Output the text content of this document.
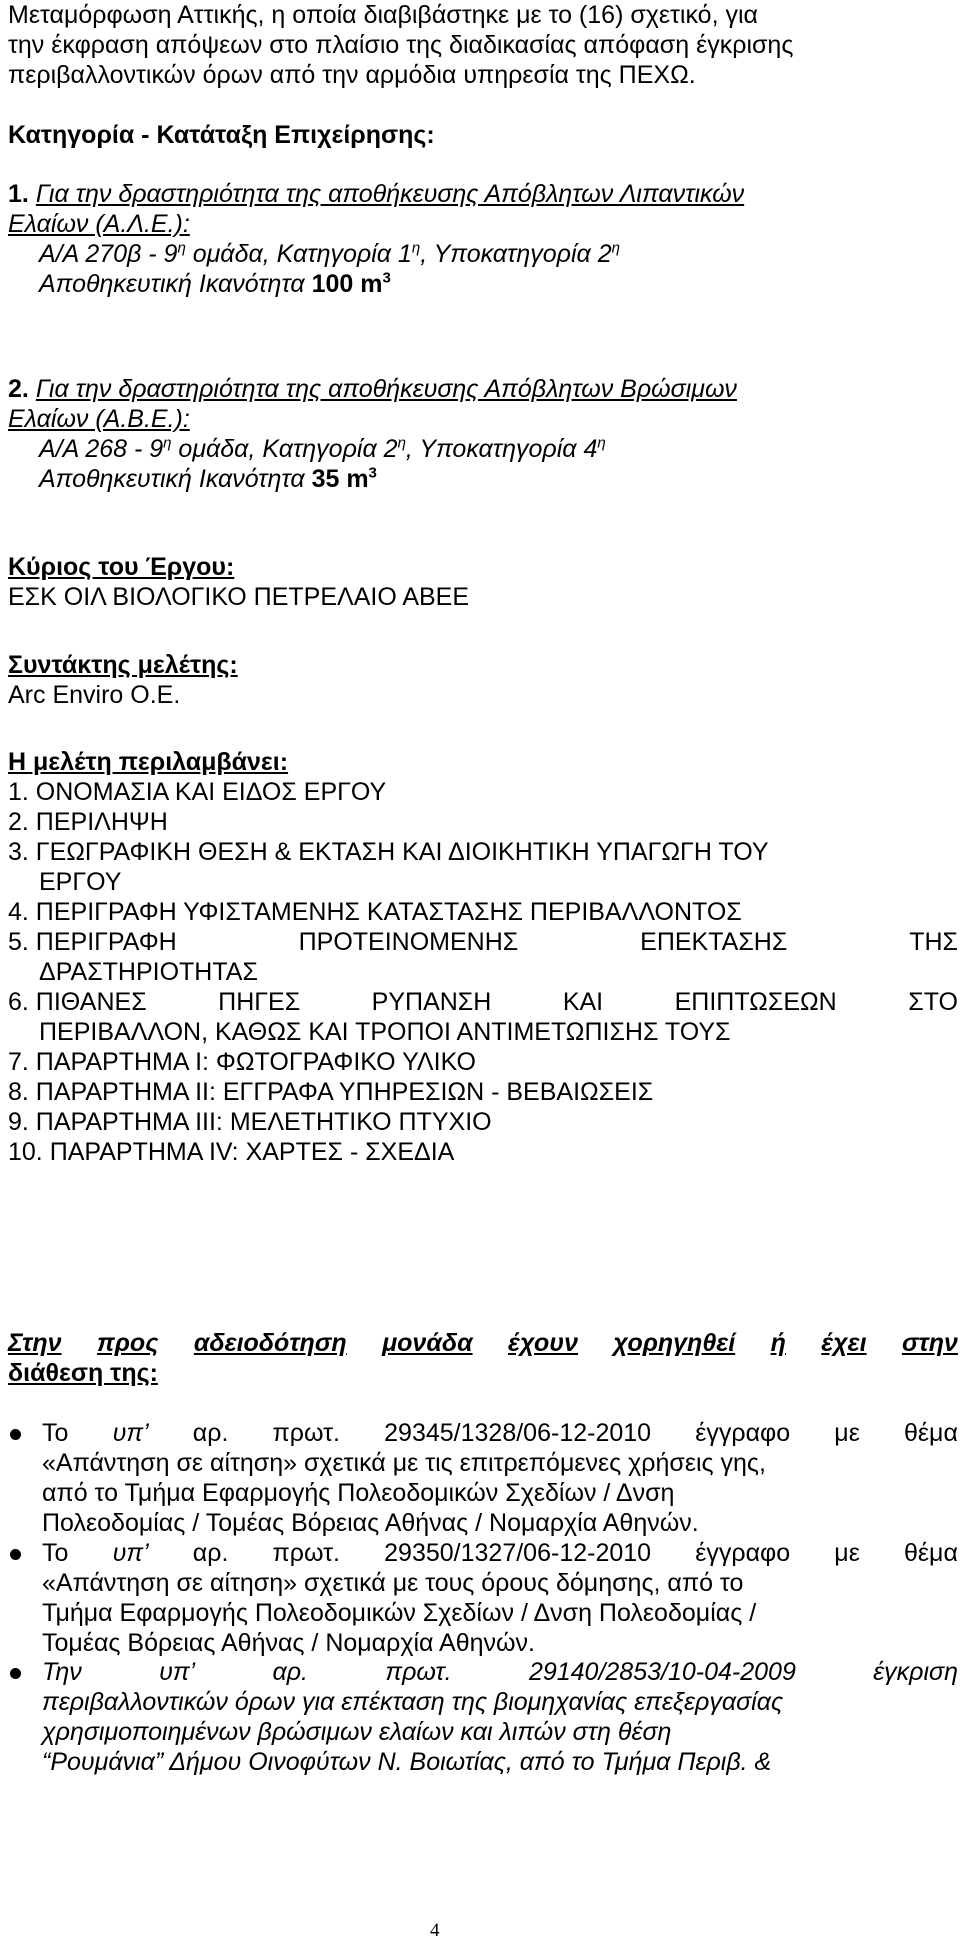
Μεταμόρφωση Αττικής, η οποία διαβιβάστηκε με το (16) σχετικό, για
την έκφραση απόψεων στο πλαίσιο της διαδικασίας απόφαση έγκρισης
περιβαλλοντικών όρων από την αρμόδια υπηρεσία της ΠΕΧΩ.
Κατηγορία - Κατάταξη Επιχείρησης:
1. Για την δραστηριότητα της αποθήκευσης Απόβλητων Λιπαντικών
Ελαίων (Α.Λ.Ε.):
Α/Α $270\beta - 9^\eta$ ομάδα, Κατηγορία $1^\eta$, Υποκατηγορία $2^\eta$
Αποθηκευτική Ικανότητα 100 $m^3$
2. Για την δραστηριότητα της αποθήκευσης Απόβλητων Βρώσιμων
Ελαίων (Α.Β.Ε.):
Α/Α $268 - 9^\eta$ ομάδα, Κατηγορία $2^\eta$, Υποκατηγορία $4^\eta$
Αποθηκευτική Ικανότητα 35 $m^3$
Κύριος του Έργου:
ΕΣΚ ΟΙΛ ΒΙΟΛΟΓΙΚΟ ΠΕΤΡΕΛΑΙΟ ΑΒΕΕ
Συντάκτης μελέτης:
Arc Enviro O.E.
Η μελέτη περιλαμβάνει:
1. ΟΝΟΜΑΣΙΑ ΚΑΙ ΕΙΔΟΣ ΕΡΓΟΥ
2. ΠΕΡΙΛΗΨΗ
3. ΓΕΩΓΡΑΦΙΚΗ ΘΕΣΗ & ΕΚΤΑΣΗ ΚΑΙ ΔΙΟΙΚΗΤΙΚΗ ΥΠΑΓΩΓΗ ΤΟΥ
ΕΡΓΟΥ
4. ΠΕΡΙΓΡΑΦΗ ΥΦΙΣΤΑΜΕΝΗΣ ΚΑΤΑΣΤΑΣΗΣ ΠΕΡΙΒΑΛΛΟΝΤΟΣ
5. ΠΕΡΙΓΡΑΦΗ	ΠΡΟΤΕΙΝΟΜΕΝΗΣ	ΕΠΕΚΤΑΣΗΣ	ΤΗΣ
ΔΡΑΣΤΗΡΙΟΤΗΤΑΣ
6. ΠΙΘΑΝΕΣ	ΠΗΓΕΣ	ΡΥΠΑΝΣΗ	ΚΑΙ	ΕΠΙΠΤΩΣΕΩΝ	ΣΤΟ
ΠΕΡΙΒΑΛΛΟΝ, ΚΑΘΩΣ ΚΑΙ ΤΡΟΠΟΙ ΑΝΤΙΜΕΤΩΠΙΣΗΣ ΤΟΥΣ
7. ΠΑΡΑΡΤΗΜΑ Ι: ΦΩΤΟΓΡΑΦΙΚΟ ΥΛΙΚΟ
8. ΠΑΡΑΡΤΗΜΑ ΙΙ: ΕΓΓΡΑΦΑ ΥΠΗΡΕΣΙΩΝ - ΒΕΒΑΙΩΣΕΙΣ
9. ΠΑΡΑΡΤΗΜΑ ΙΙΙ: ΜΕΛΕΤΗΤΙΚΟ ΠΤΥΧΙΟ
10. ΠΑΡΑΡΤΗΜΑ ΙV: ΧΑΡΤΕΣ - ΣΧΕΔΙΑ
Στην προς αδειοδότηση μονάδα έχουν χορηγηθεί ή έχει στην
διάθεση της:
Το υπ’ αρ. πρωτ. 29345/1328/06-12-2010 έγγραφο με θέμα
«Απάντηση σε αίτηση» σχετικά με τις επιτρεπόμενες χρήσεις γης,
από το Τμήμα Εφαρμογής Πολεοδομικών Σχεδίων / Δνση
Πολεοδομίας / Τομέας Βόρειας Αθήνας / Νομαρχία Αθηνών.
Το υπ’ αρ. πρωτ. 29350/1327/06-12-2010 έγγραφο με θέμα
«Απάντηση σε αίτηση» σχετικά με τους όρους δόμησης, από το
Τμήμα Εφαρμογής Πολεοδομικών Σχεδίων / Δνση Πολεοδομίας /
Τομέας Βόρειας Αθήνας / Νομαρχία Αθηνών.
Την	υπ’	αρ.	πρωτ.	29140/2853/10-04-2009	έγκριση
περιβαλλοντικών όρων για επέκταση της βιομηχανίας επεξεργασίας
χρησιμοποιημένων βρώσιμων ελαίων και λιπών στη θέση
“Ρουμάνια” Δήμου Οινοφύτων Ν. Βοιωτίας, από το Τμήμα Περιβ. &
4
